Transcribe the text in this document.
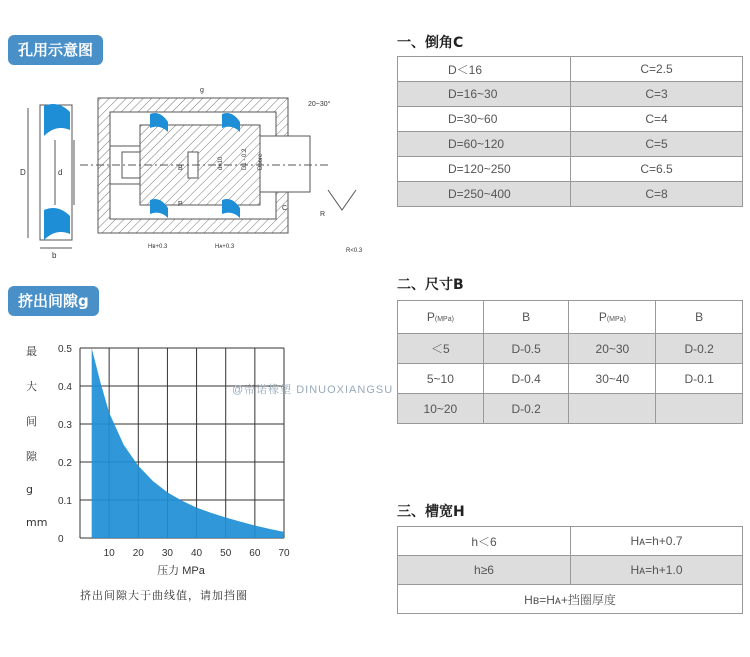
孔用示意图
挤出间隙g
D	d
b
g
20~30°
B	dn10	D1 - 0.2 Dbore
C
Hʙ+0.3	Hᴀ+0.3
P
R
R<0.3
最
大
间
隙
g
mm
0.5
0.4
0.3
0.2
0.1
0
10 20 30 40 50 60 70
压力 MPa
挤出间隙大于曲线值，请加挡圈
@帝诺橡塑 DINUOXIANGSU
一、倒角C
D＜16	C=2.5
D=16~30	C=3
D=30~60	C=4
D=60~120	C=5
D=120~250	C=6.5
D=250~400	C=8
二、尺寸B
P(MPa)	B	P(MPa)	B
＜5	D-0.5	20~30	D-0.2
5~10	D-0.4	30~40	D-0.1
10~20	D-0.2		
三、槽宽H
h＜6	Hᴀ=h+0.7
h≥6	Hᴀ=h+1.0
Hʙ=Hᴀ+挡圈厚度	
